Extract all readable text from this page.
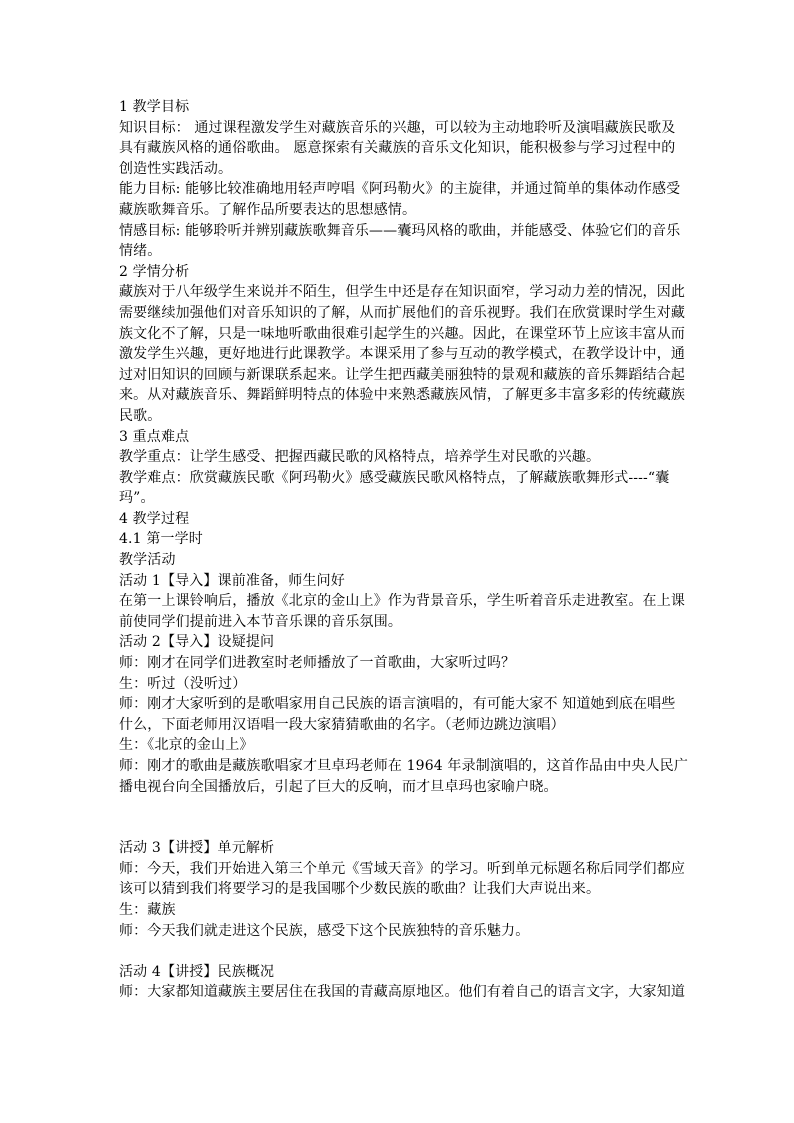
1 教学目标
知识目标： 通过课程激发学生对藏族音乐的兴趣，可以较为主动地聆听及演唱藏族民歌及
具有藏族风格的通俗歌曲。 愿意探索有关藏族的音乐文化知识，能积极参与学习过程中的
创造性实践活动。
能力目标: 能够比较准确地用轻声哼唱《阿玛勒火》的主旋律，并通过简单的集体动作感受
藏族歌舞音乐。了解作品所要表达的思想感情。
情感目标: 能够聆听并辨别藏族歌舞音乐——囊玛风格的歌曲，并能感受、体验它们的音乐
情绪。
2 学情分析
藏族对于八年级学生来说并不陌生，但学生中还是存在知识面窄，学习动力差的情况，因此
需要继续加强他们对音乐知识的了解，从而扩展他们的音乐视野。我们在欣赏课时学生对藏
族文化不了解，只是一味地听歌曲很难引起学生的兴趣。因此，在课堂环节上应该丰富从而
激发学生兴趣，更好地进行此课教学。本课采用了参与互动的教学模式，在教学设计中，通
过对旧知识的回顾与新课联系起来。让学生把西藏美丽独特的景观和藏族的音乐舞蹈结合起
来。从对藏族音乐、舞蹈鲜明特点的体验中来熟悉藏族风情，了解更多丰富多彩的传统藏族
民歌。
3 重点难点
教学重点：让学生感受、把握西藏民歌的风格特点，培养学生对民歌的兴趣。
教学难点：欣赏藏族民歌《阿玛勒火》感受藏族民歌风格特点，了解藏族歌舞形式----“囊
玛”。
4 教学过程
4.1 第一学时
教学活动
活动 1【导入】课前准备，师生问好
在第一上课铃响后，播放《北京的金山上》作为背景音乐，学生听着音乐走进教室。在上课
前使同学们提前进入本节音乐课的音乐氛围。
活动 2【导入】设疑提问
师：刚才在同学们进教室时老师播放了一首歌曲，大家听过吗？
生：听过（没听过）
师：刚才大家听到的是歌唱家用自己民族的语言演唱的，有可能大家不 知道她到底在唱些
什么，下面老师用汉语唱一段大家猜猜歌曲的名字。（老师边跳边演唱）
生：《北京的金山上》
师：刚才的歌曲是藏族歌唱家才旦卓玛老师在 1964 年录制演唱的，这首作品由中央人民广
播电视台向全国播放后，引起了巨大的反响，而才旦卓玛也家喻户晓。
活动 3【讲授】单元解析
师：今天，我们开始进入第三个单元《雪域天音》的学习。听到单元标题名称后同学们都应
该可以猜到我们将要学习的是我国哪个少数民族的歌曲？让我们大声说出来。
生：藏族
师：今天我们就走进这个民族，感受下这个民族独特的音乐魅力。

活动 4【讲授】民族概况
师：大家都知道藏族主要居住在我国的青藏高原地区。他们有着自己的语言文字，大家知道
